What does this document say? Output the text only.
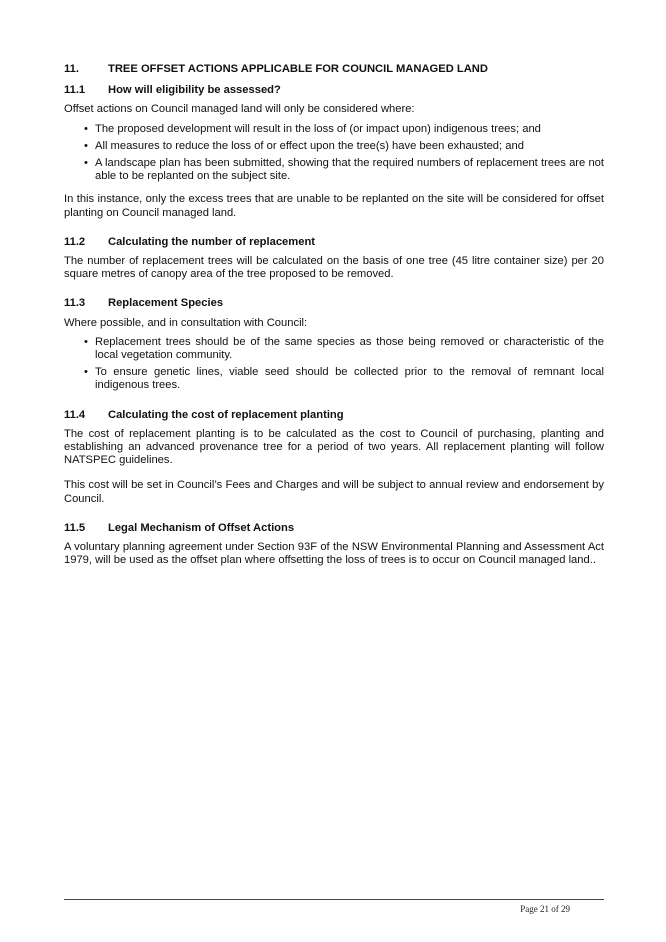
11.	TREE OFFSET ACTIONS APPLICABLE FOR COUNCIL MANAGED LAND
11.1	How will eligibility be assessed?

Offset actions on Council managed land will only be considered where:

• The proposed development will result in the loss of (or impact upon) indigenous trees; and
• All measures to reduce the loss of or effect upon the tree(s) have been exhausted; and
• A landscape plan has been submitted, showing that the required numbers of replacement trees are not able to be replanted on the subject site.

In this instance, only the excess trees that are unable to be replanted on the site will be considered for offset planting on Council managed land.

11.2	Calculating the number of replacement

The number of replacement trees will be calculated on the basis of one tree (45 litre container size) per 20 square metres of canopy area of the tree proposed to be removed.

11.3	Replacement Species

Where possible, and in consultation with Council:

• Replacement trees should be of the same species as those being removed or characteristic of the local vegetation community.
• To ensure genetic lines, viable seed should be collected prior to the removal of remnant local indigenous trees.
11.4	Calculating the cost of replacement planting

The cost of replacement planting is to be calculated as the cost to Council of purchasing, planting and establishing an advanced provenance tree for a period of two years. All replacement planting will follow NATSPEC guidelines.

This cost will be set in Council’s Fees and Charges and will be subject to annual review and endorsement by Council.

11.5	Legal Mechanism of Offset Actions

A voluntary planning agreement under Section 93F of the NSW Environmental Planning and Assessment Act 1979, will be used as the offset plan where offsetting the loss of trees is to occur on Council managed land..

Page 21 of 29
